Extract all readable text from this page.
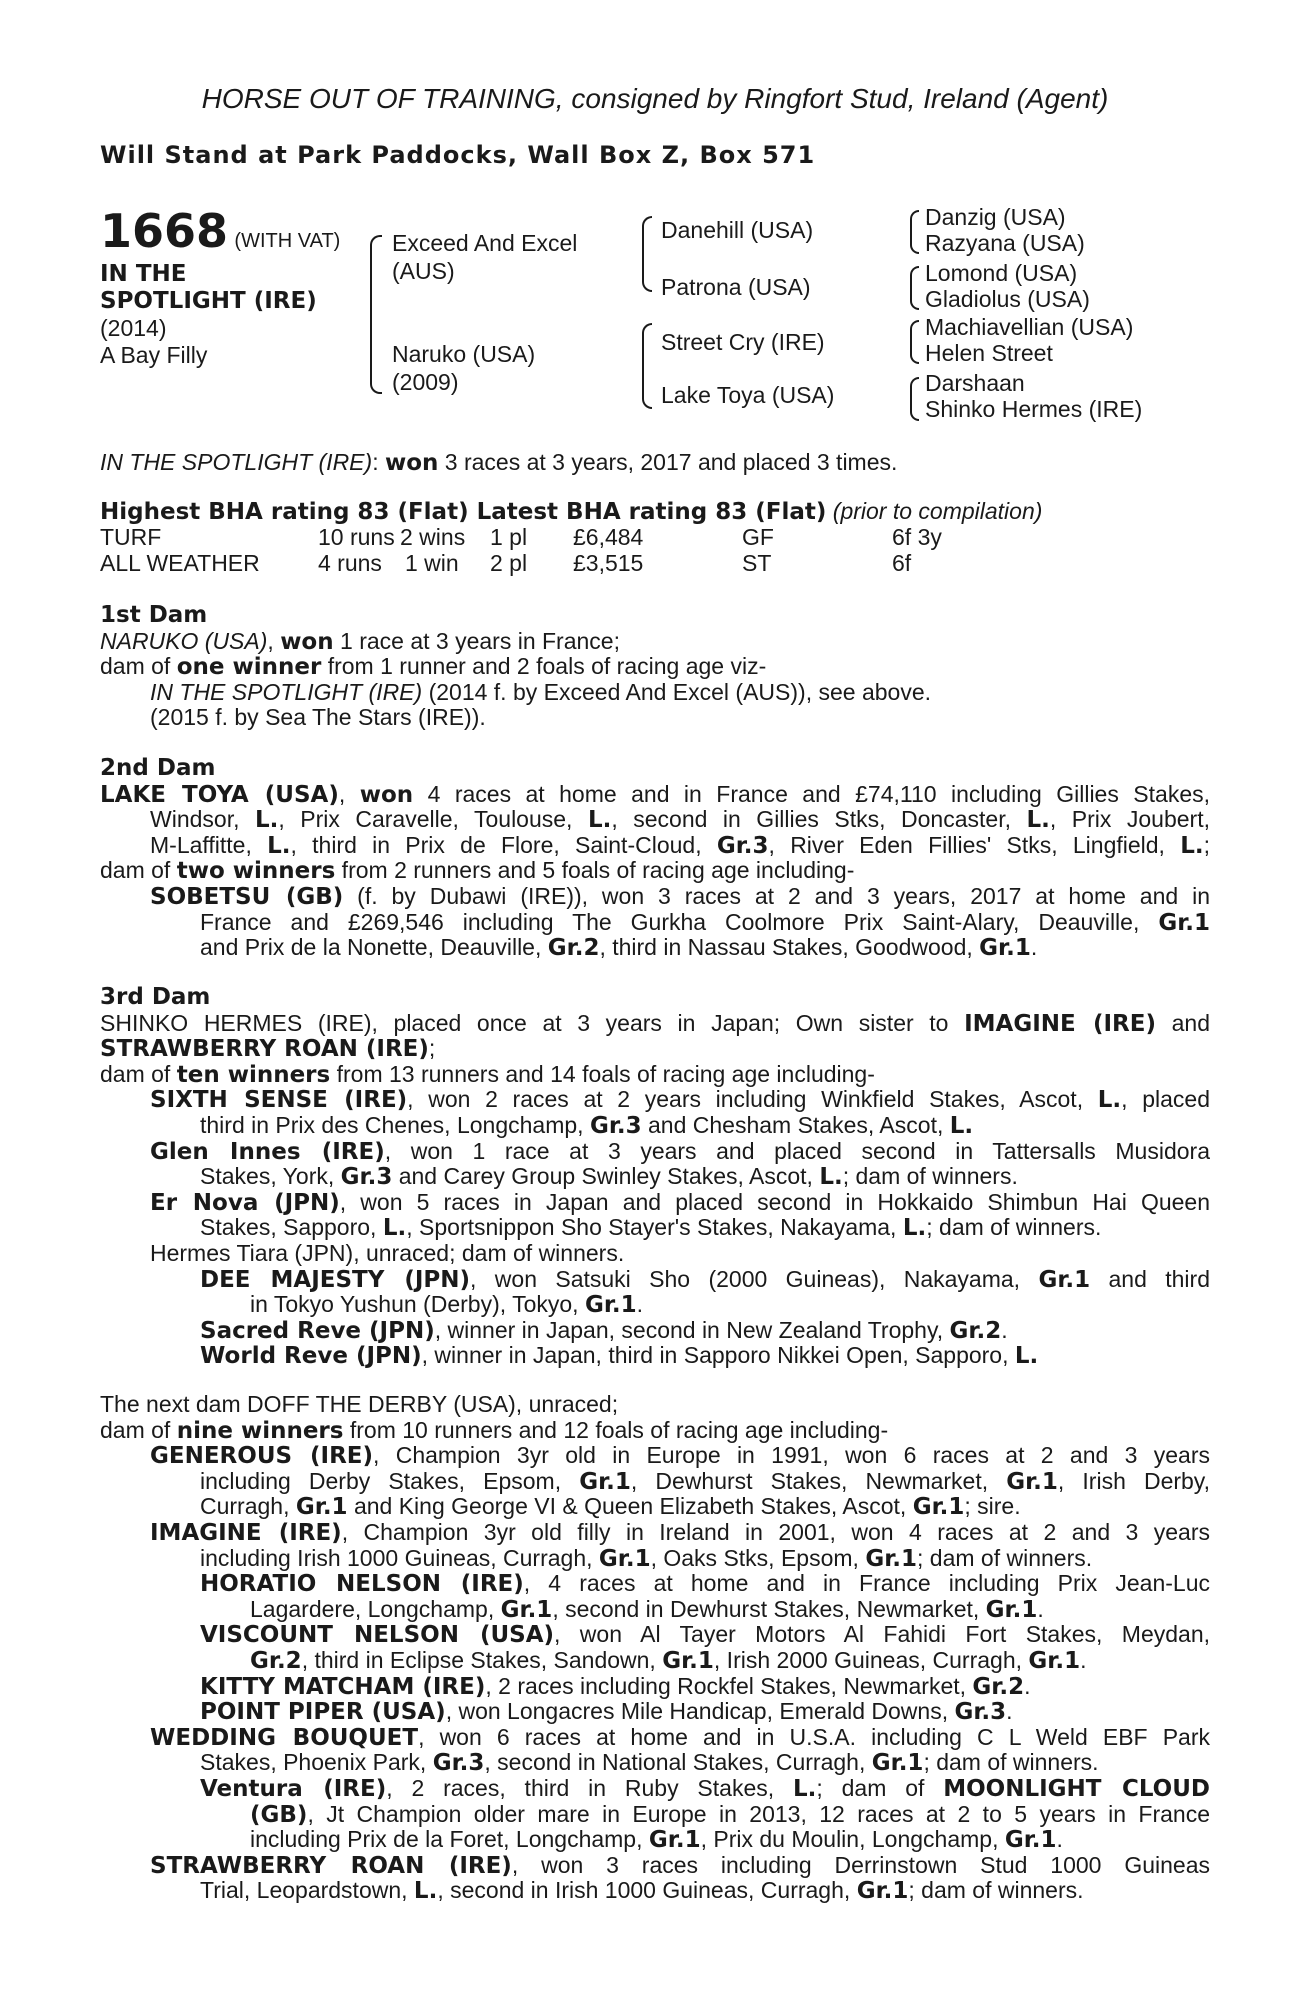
HORSE OUT OF TRAINING, consigned by Ringfort Stud, Ireland (Agent)
Will Stand at Park Paddocks, Wall Box Z, Box 571
1668 (WITH VAT)
IN THE
SPOTLIGHT (IRE)
(2014)
A Bay Filly
Exceed And Excel
(AUS)
Naruko (USA)
(2009)
Danehill (USA)
Patrona (USA)
Street Cry (IRE)
Lake Toya (USA)
Danzig (USA)
Razyana (USA)
Lomond (USA)
Gladiolus (USA)
Machiavellian (USA)
Helen Street
Darshaan
Shinko Hermes (IRE)
IN THE SPOTLIGHT (IRE): won 3 races at 3 years, 2017 and placed 3 times.
Highest BHA rating 83 (Flat) Latest BHA rating 83 (Flat) (prior to compilation)
TURF	10 runs 2 wins 1 pl £6,484	GF	6f 3y
ALL WEATHER	4 runs 1 win 2 pl £3,515	ST	6f
1st Dam
NARUKO (USA), won 1 race at 3 years in France;
dam of one winner from 1 runner and 2 foals of racing age viz-
IN THE SPOTLIGHT (IRE) (2014 f. by Exceed And Excel (AUS)), see above.
(2015 f. by Sea The Stars (IRE)).
2nd Dam
LAKE TOYA (USA), won 4 races at home and in France and £74,110 including Gillies Stakes,
Windsor, L., Prix Caravelle, Toulouse, L., second in Gillies Stks, Doncaster, L., Prix Joubert,
M-Laffitte, L., third in Prix de Flore, Saint-Cloud, Gr.3, River Eden Fillies' Stks, Lingfield, L.;
dam of two winners from 2 runners and 5 foals of racing age including-
SOBETSU (GB) (f. by Dubawi (IRE)), won 3 races at 2 and 3 years, 2017 at home and in
France and £269,546 including The Gurkha Coolmore Prix Saint-Alary, Deauville, Gr.1
and Prix de la Nonette, Deauville, Gr.2, third in Nassau Stakes, Goodwood, Gr.1.
3rd Dam
SHINKO HERMES (IRE), placed once at 3 years in Japan; Own sister to IMAGINE (IRE) and
STRAWBERRY ROAN (IRE);
dam of ten winners from 13 runners and 14 foals of racing age including-
SIXTH SENSE (IRE), won 2 races at 2 years including Winkfield Stakes, Ascot, L., placed
third in Prix des Chenes, Longchamp, Gr.3 and Chesham Stakes, Ascot, L.
Glen Innes (IRE), won 1 race at 3 years and placed second in Tattersalls Musidora
Stakes, York, Gr.3 and Carey Group Swinley Stakes, Ascot, L.; dam of winners.
Er Nova (JPN), won 5 races in Japan and placed second in Hokkaido Shimbun Hai Queen
Stakes, Sapporo, L., Sportsnippon Sho Stayer's Stakes, Nakayama, L.; dam of winners.
Hermes Tiara (JPN), unraced; dam of winners.
DEE MAJESTY (JPN), won Satsuki Sho (2000 Guineas), Nakayama, Gr.1 and third
in Tokyo Yushun (Derby), Tokyo, Gr.1.
Sacred Reve (JPN), winner in Japan, second in New Zealand Trophy, Gr.2.
World Reve (JPN), winner in Japan, third in Sapporo Nikkei Open, Sapporo, L.
The next dam DOFF THE DERBY (USA), unraced;
dam of nine winners from 10 runners and 12 foals of racing age including-
GENEROUS (IRE), Champion 3yr old in Europe in 1991, won 6 races at 2 and 3 years
including Derby Stakes, Epsom, Gr.1, Dewhurst Stakes, Newmarket, Gr.1, Irish Derby,
Curragh, Gr.1 and King George VI & Queen Elizabeth Stakes, Ascot, Gr.1; sire.
IMAGINE (IRE), Champion 3yr old filly in Ireland in 2001, won 4 races at 2 and 3 years
including Irish 1000 Guineas, Curragh, Gr.1, Oaks Stks, Epsom, Gr.1; dam of winners.
HORATIO NELSON (IRE), 4 races at home and in France including Prix Jean-Luc
Lagardere, Longchamp, Gr.1, second in Dewhurst Stakes, Newmarket, Gr.1.
VISCOUNT NELSON (USA), won Al Tayer Motors Al Fahidi Fort Stakes, Meydan,
Gr.2, third in Eclipse Stakes, Sandown, Gr.1, Irish 2000 Guineas, Curragh, Gr.1.
KITTY MATCHAM (IRE), 2 races including Rockfel Stakes, Newmarket, Gr.2.
POINT PIPER (USA), won Longacres Mile Handicap, Emerald Downs, Gr.3.
WEDDING BOUQUET, won 6 races at home and in U.S.A. including C L Weld EBF Park
Stakes, Phoenix Park, Gr.3, second in National Stakes, Curragh, Gr.1; dam of winners.
Ventura (IRE), 2 races, third in Ruby Stakes, L.; dam of MOONLIGHT CLOUD
(GB), Jt Champion older mare in Europe in 2013, 12 races at 2 to 5 years in France
including Prix de la Foret, Longchamp, Gr.1, Prix du Moulin, Longchamp, Gr.1.
STRAWBERRY ROAN (IRE), won 3 races including Derrinstown Stud 1000 Guineas
Trial, Leopardstown, L., second in Irish 1000 Guineas, Curragh, Gr.1; dam of winners.
